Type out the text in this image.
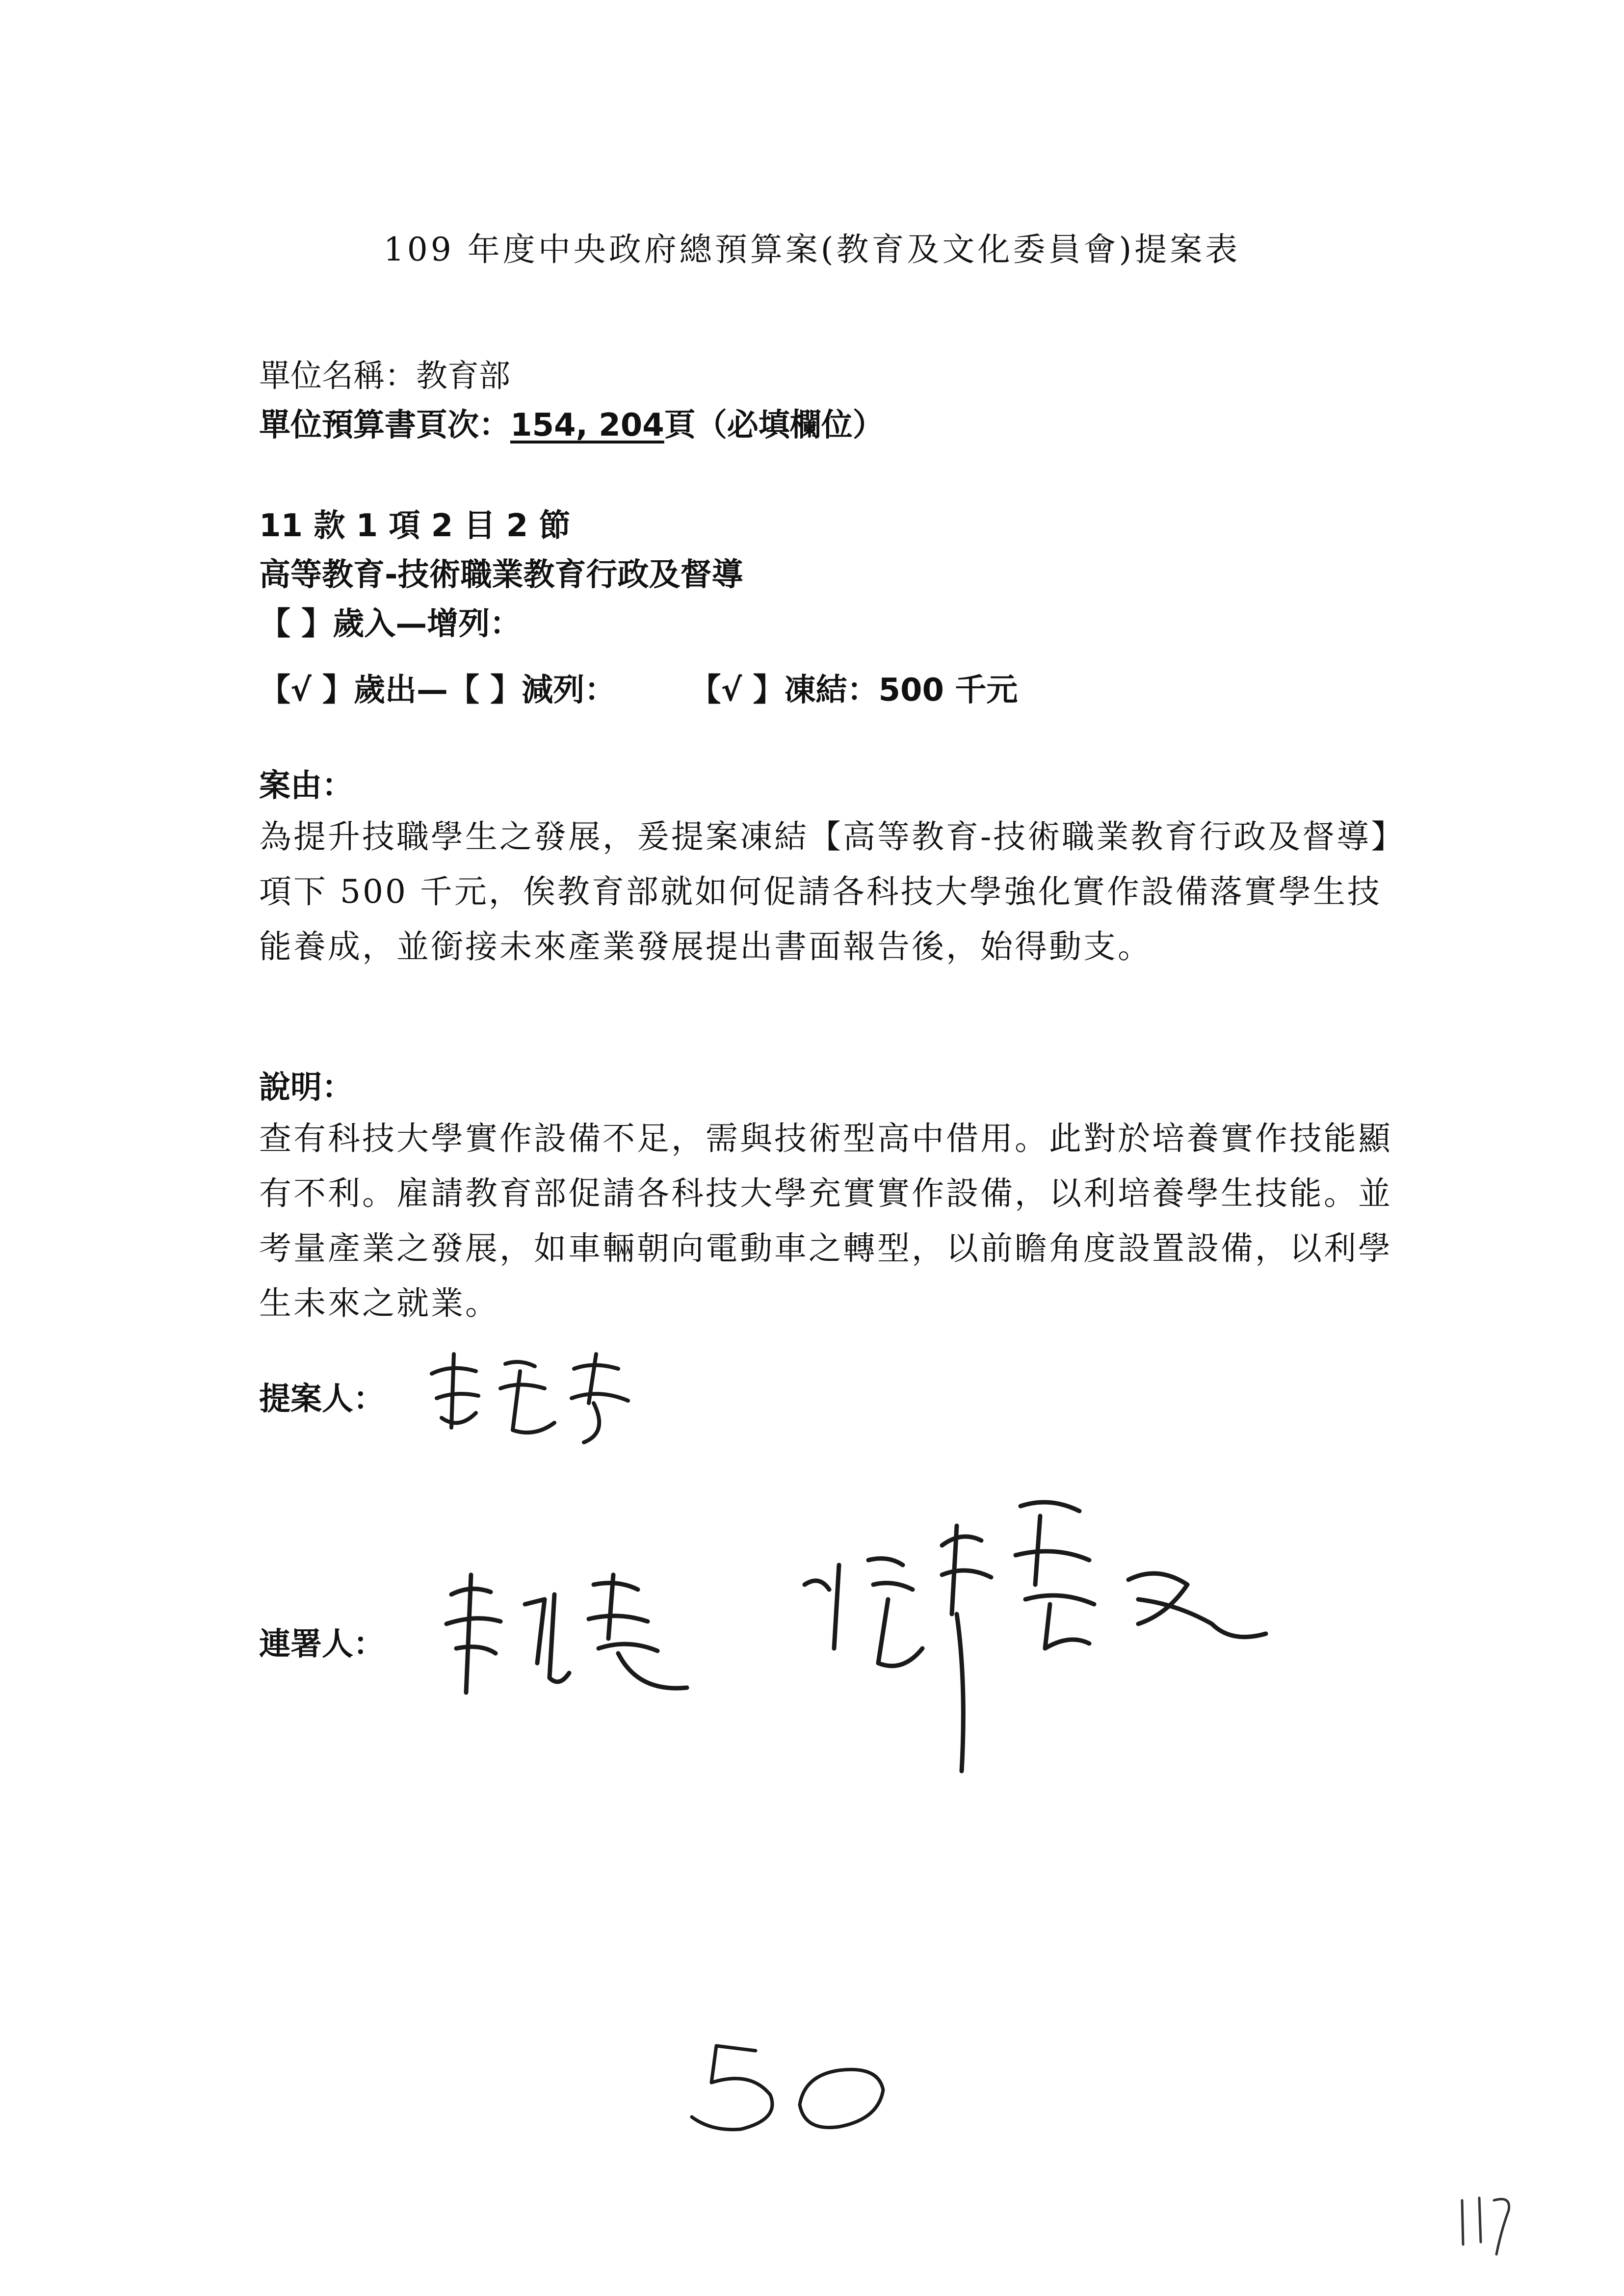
109 年度中央政府總預算案(教育及文化委員會)提案表
單位名稱：教育部
單位預算書頁次：154, 204頁（必填欄位）
11 款 1 項 2 目 2 節
高等教育-技術職業教育行政及督導
【 】歲入—增列：
【√ 】歲出—【 】減列： 【√ 】凍結：500 千元
案由：
為提升技職學生之發展，爰提案凍結【高等教育-技術職業教育行政及督導】項下 500 千元，俟教育部就如何促請各科技大學強化實作設備落實學生技能養成，並銜接未來產業發展提出書面報告後，始得動支。
說明：
查有科技大學實作設備不足，需與技術型高中借用。此對於培養實作技能顯有不利。雇請教育部促請各科技大學充實實作設備，以利培養學生技能。並考量產業之發展，如車輛朝向電動車之轉型，以前瞻角度設置設備，以利學生未來之就業。
提案人：
連署人：
